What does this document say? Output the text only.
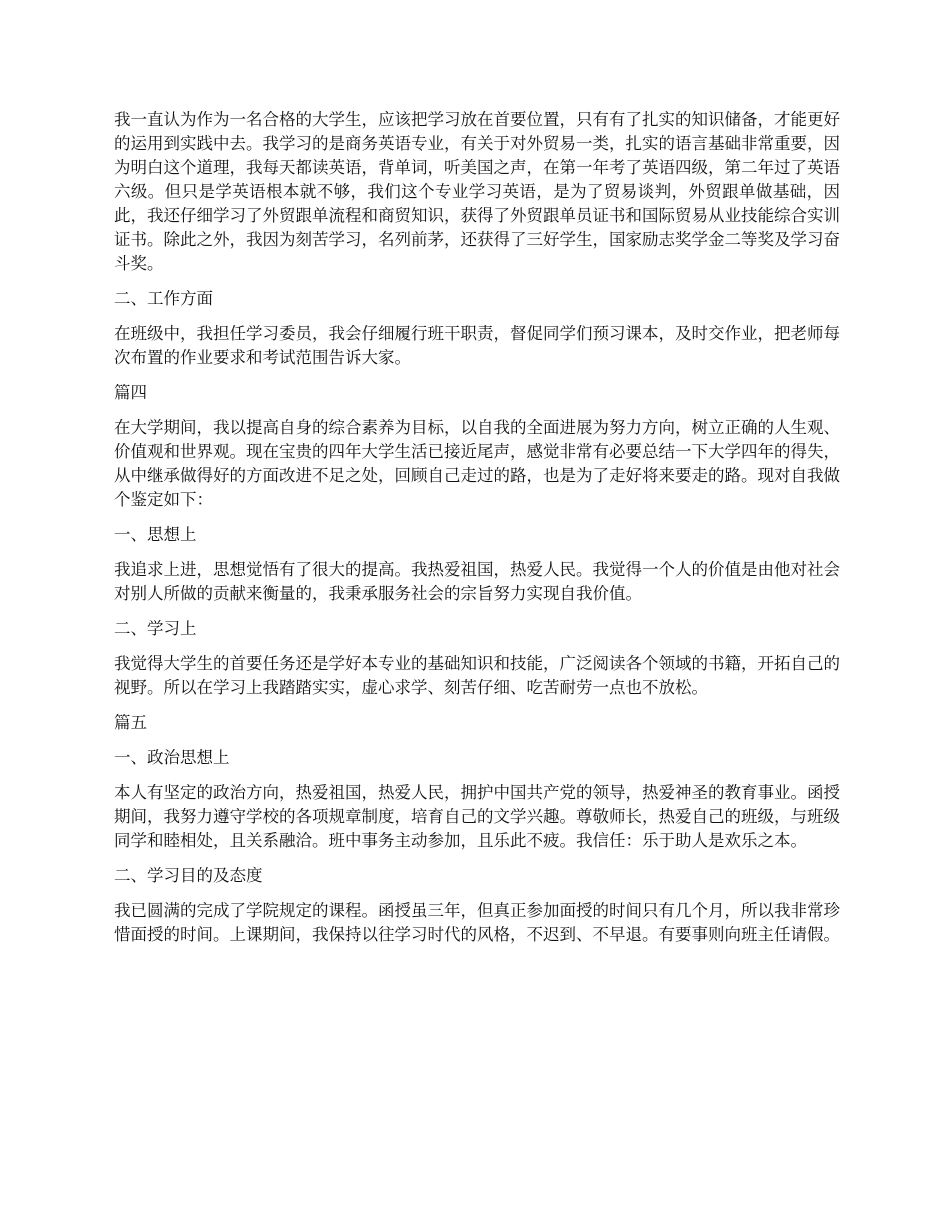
我一直认为作为一名合格的大学生，应该把学习放在首要位置，只有有了扎实的知识储备，才能更好的运用到实践中去。我学习的是商务英语专业，有关于对外贸易一类，扎实的语言基础非常重要，因为明白这个道理，我每天都读英语，背单词，听美国之声，在第一年考了英语四级，第二年过了英语六级。但只是学英语根本就不够，我们这个专业学习英语，是为了贸易谈判，外贸跟单做基础，因此，我还仔细学习了外贸跟单流程和商贸知识，获得了外贸跟单员证书和国际贸易从业技能综合实训证书。除此之外，我因为刻苦学习，名列前茅，还获得了三好学生，国家励志奖学金二等奖及学习奋斗奖。

二、工作方面

在班级中，我担任学习委员，我会仔细履行班干职责，督促同学们预习课本，及时交作业，把老师每次布置的作业要求和考试范围告诉大家。

篇四

在大学期间，我以提高自身的综合素养为目标，以自我的全面进展为努力方向，树立正确的人生观、价值观和世界观。现在宝贵的四年大学生活已接近尾声，感觉非常有必要总结一下大学四年的得失，从中继承做得好的方面改进不足之处，回顾自己走过的路，也是为了走好将来要走的路。现对自我做个鉴定如下：

一、思想上

我追求上进，思想觉悟有了很大的提高。我热爱祖国，热爱人民。我觉得一个人的价值是由他对社会对别人所做的贡献来衡量的，我秉承服务社会的宗旨努力实现自我价值。

二、学习上

我觉得大学生的首要任务还是学好本专业的基础知识和技能，广泛阅读各个领域的书籍，开拓自己的视野。所以在学习上我踏踏实实，虚心求学、刻苦仔细、吃苦耐劳一点也不放松。

篇五

一、政治思想上

本人有坚定的政治方向，热爱祖国，热爱人民，拥护中国共产党的领导，热爱神圣的教育事业。函授期间，我努力遵守学校的各项规章制度，培育自己的文学兴趣。尊敬师长，热爱自己的班级，与班级同学和睦相处，且关系融洽。班中事务主动参加，且乐此不疲。我信任：乐于助人是欢乐之本。

二、学习目的及态度

我已圆满的完成了学院规定的课程。函授虽三年，但真正参加面授的时间只有几个月，所以我非常珍惜面授的时间。上课期间，我保持以往学习时代的风格，不迟到、不早退。有要事则向班主任请假。
